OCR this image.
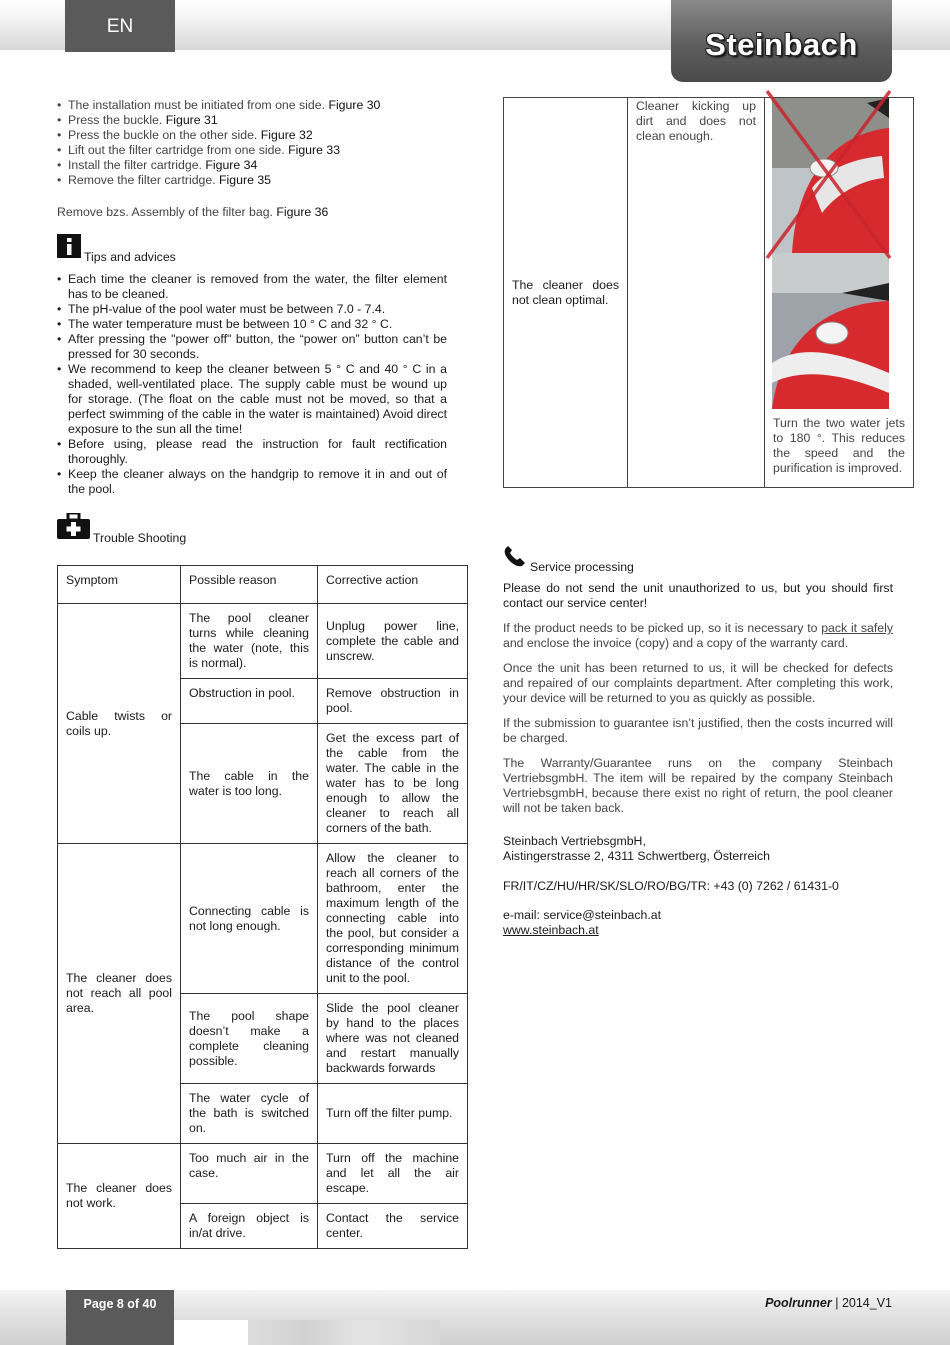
EN
Steinbach
• The installation must be initiated from one side. Figure 30
• Press the buckle. Figure 31
• Press the buckle on the other side. Figure 32
• Lift out the filter cartridge from one side. Figure 33
• Install the filter cartridge. Figure 34
• Remove the filter cartridge. Figure 35
Remove bzs. Assembly of the filter bag. Figure 36
Tips and advices
• Each time the cleaner is removed from the water, the filter element has to be cleaned.
• The pH-value of the pool water must be between 7.0 - 7.4.
• The water temperature must be between 10 ° C and 32 ° C.
• After pressing the "power off" button, the “power on” button can’t be pressed for 30 seconds.
• We recommend to keep the cleaner between 5 ° C and 40 ° C in a shaded, well-ventilated place. The supply cable must be wound up for storage. (The float on the cable must not be moved, so that a perfect swimming of the cable in the water is maintained) Avoid direct exposure to the sun all the time!
• Before using, please read the instruction for fault rectification thoroughly.
• Keep the cleaner always on the handgrip to remove it in and out of the pool.
Trouble Shooting
Symptom	Possible reason	Corrective action
Cable twists or coils up.	The pool cleaner turns while cleaning the water (note, this is normal).	Unplug power line, complete the cable and unscrew.
	Obstruction in pool.	Remove obstruction in pool.
	The cable in the water is too long.	Get the excess part of the cable from the water. The cable in the water has to be long enough to allow the cleaner to reach all corners of the bath.
The cleaner does not reach all pool area.	Connecting cable is not long enough.	Allow the cleaner to reach all corners of the bathroom, enter the maximum length of the connecting cable into the pool, but consider a corresponding minimum distance of the control unit to the pool.
	The pool shape doesn’t make a complete cleaning possible.	Slide the pool cleaner by hand to the places where was not cleaned and restart manually backwards forwards
	The water cycle of the bath is switched on.	Turn off the filter pump.
The cleaner does not work.	Too much air in the case.	Turn off the machine and let all the air escape.
	A foreign object is in/at drive.	Contact the service center.
The cleaner does not clean optimal.	Cleaner kicking up dirt and does not clean enough.	Turn the two water jets to 180 °. This reduces the speed and the purification is improved.
Service processing

Please do not send the unit unauthorized to us, but you should first contact our service center!

If the product needs to be picked up, so it is necessary to pack it safely and enclose the invoice (copy) and a copy of the warranty card.

Once the unit has been returned to us, it will be checked for defects and repaired of our complaints department. After completing this work, your device will be returned to you as quickly as possible.

If the submission to guarantee isn’t justified, then the costs incurred will be charged.

The Warranty/Guarantee runs on the company Steinbach VertriebsgmbH. The item will be repaired by the company Steinbach VertriebsgmbH, because there exist no right of return, the pool cleaner will not be taken back.

Steinbach VertriebsgmbH,
Aistingerstrasse 2, 4311 Schwertberg, Österreich
FR/IT/CZ/HU/HR/SK/SLO/RO/BG/TR: +43 (0) 7262 / 61431-0
e-mail: service@steinbach.at
www.steinbach.at
Page 8 of 40	Poolrunner | 2014_V1
